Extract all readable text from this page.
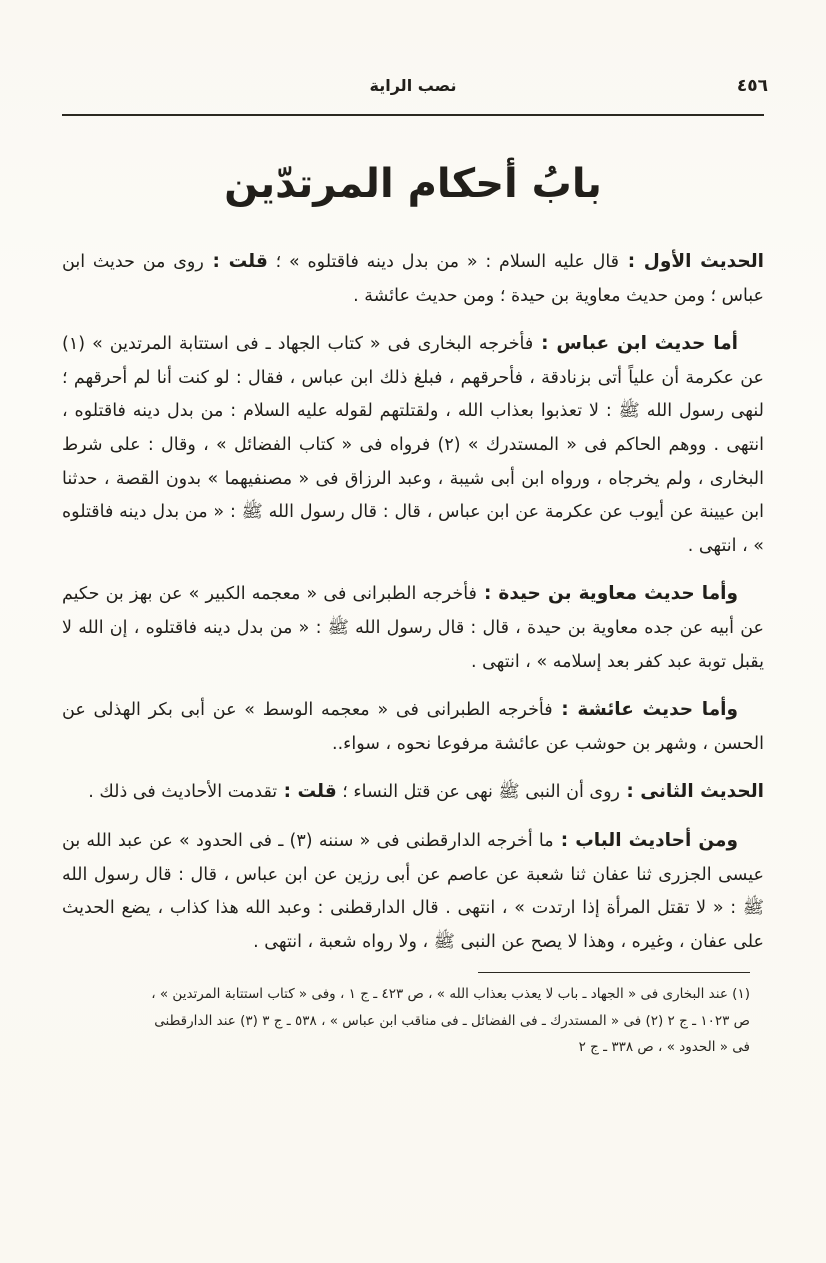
نصب الراية	٤٥٦
بابُ أحكام المرتدّين

الحديث الأول : قال عليه السلام : « من بدل دينه فاقتلوه » ؛ قلت : روى من حديث ابن عباس ؛ ومن حديث معاوية بن حيدة ؛ ومن حديث عائشة .

أما حديث ابن عباس : فأخرجه البخارى فى « كتاب الجهاد ـ فى استتابة المرتدين » (١) عن عكرمة أن علياً أتى بزنادقة ، فأحرقهم ، فبلغ ذلك ابن عباس ، فقال : لو كنت أنا لم أحرقهم ؛ لنهى رسول الله ﷺ : لا تعذبوا بعذاب الله ، ولقتلتهم لقوله عليه السلام : من بدل دينه فاقتلوه ، انتهى . ووهم الحاكم فى « المستدرك » (٢) فرواه فى « كتاب الفضائل » ، وقال : على شرط البخارى ، ولم يخرجاه ، ورواه ابن أبى شيبة ، وعبد الرزاق فى « مصنفيهما » بدون القصة ، حدثنا ابن عيينة عن أيوب عن عكرمة عن ابن عباس ، قال : قال رسول الله ﷺ : « من بدل دينه فاقتلوه » ، انتهى .

وأما حديث معاوية بن حيدة : فأخرجه الطبرانى فى « معجمه الكبير » عن بهز بن حكيم عن أبيه عن جده معاوية بن حيدة ، قال : قال رسول الله ﷺ : « من بدل دينه فاقتلوه ، إن الله لا يقبل توبة عبد كفر بعد إسلامه » ، انتهى .

وأما حديث عائشة : فأخرجه الطبرانى فى « معجمه الوسط » عن أبى بكر الهذلى عن الحسن ، وشهر بن حوشب عن عائشة مرفوعا نحوه ، سواء..

الحديث الثانى : روى أن النبى ﷺ نهى عن قتل النساء ؛ قلت : تقدمت الأحاديث فى ذلك .

ومن أحاديث الباب : ما أخرجه الدارقطنى فى « سننه (٣) ـ فى الحدود » عن عبد الله بن عيسى الجزرى ثنا عفان ثنا شعبة عن عاصم عن أبى رزين عن ابن عباس ، قال : قال رسول الله ﷺ : « لا تقتل المرأة إذا ارتدت » ، انتهى . قال الدارقطنى : وعبد الله هذا كذاب ، يضع الحديث على عفان ، وغيره ، وهذا لا يصح عن النبى ﷺ ، ولا رواه شعبة ، انتهى .

(١) عند البخارى فى « الجهاد ـ باب لا يعذب بعذاب الله » ، ص ٤٢٣ ـ ج ١ ، وفى « كتاب استتابة المرتدين » ،
ص ١٠٢٣ ـ ج ٢ (٢) فى « المستدرك ـ فى الفضائل ـ فى مناقب ابن عباس » ، ٥٣٨ ـ ج ٣ (٣) عند الدارقطنى
فى « الحدود » ، ص ٣٣٨ ـ ج ٢
